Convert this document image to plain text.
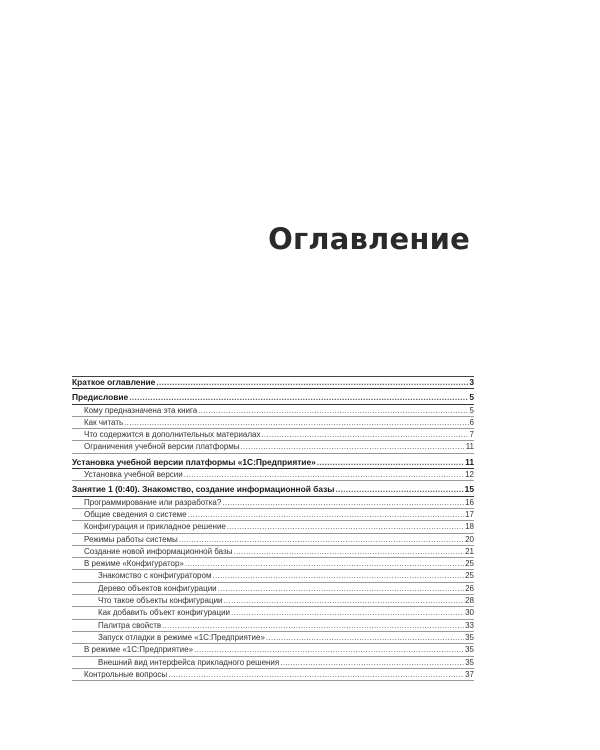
Оглавление
Краткое оглавление .....	3
Предисловие .....	5
Кому предназначена эта книга .....	5
Как читать .....	6
Что содержится в дополнительных материалах .....	7
Ограничения учебной версии платформы .....	11
Установка учебной версии платформы «1С:Предприятие» .....	11
Установка учебной версии .....	12
Занятие 1 (0:40). Знакомство, создание информационной базы .....	15
Программирование или разработка? .....	16
Общие сведения о системе .....	17
Конфигурация и прикладное решение .....	18
Режимы работы системы .....	20
Создание новой информационной базы .....	21
В режиме «Конфигуратор» .....	25
Знакомство с конфигуратором .....	25
Дерево объектов конфигурации .....	26
Что такое объекты конфигурации .....	28
Как добавить объект конфигурации .....	30
Палитра свойств .....	33
Запуск отладки в режиме «1С:Предприятие» .....	35
В режиме «1С:Предприятие» .....	35
Внешний вид интерфейса прикладного решения .....	35
Контрольные вопросы .....	37
